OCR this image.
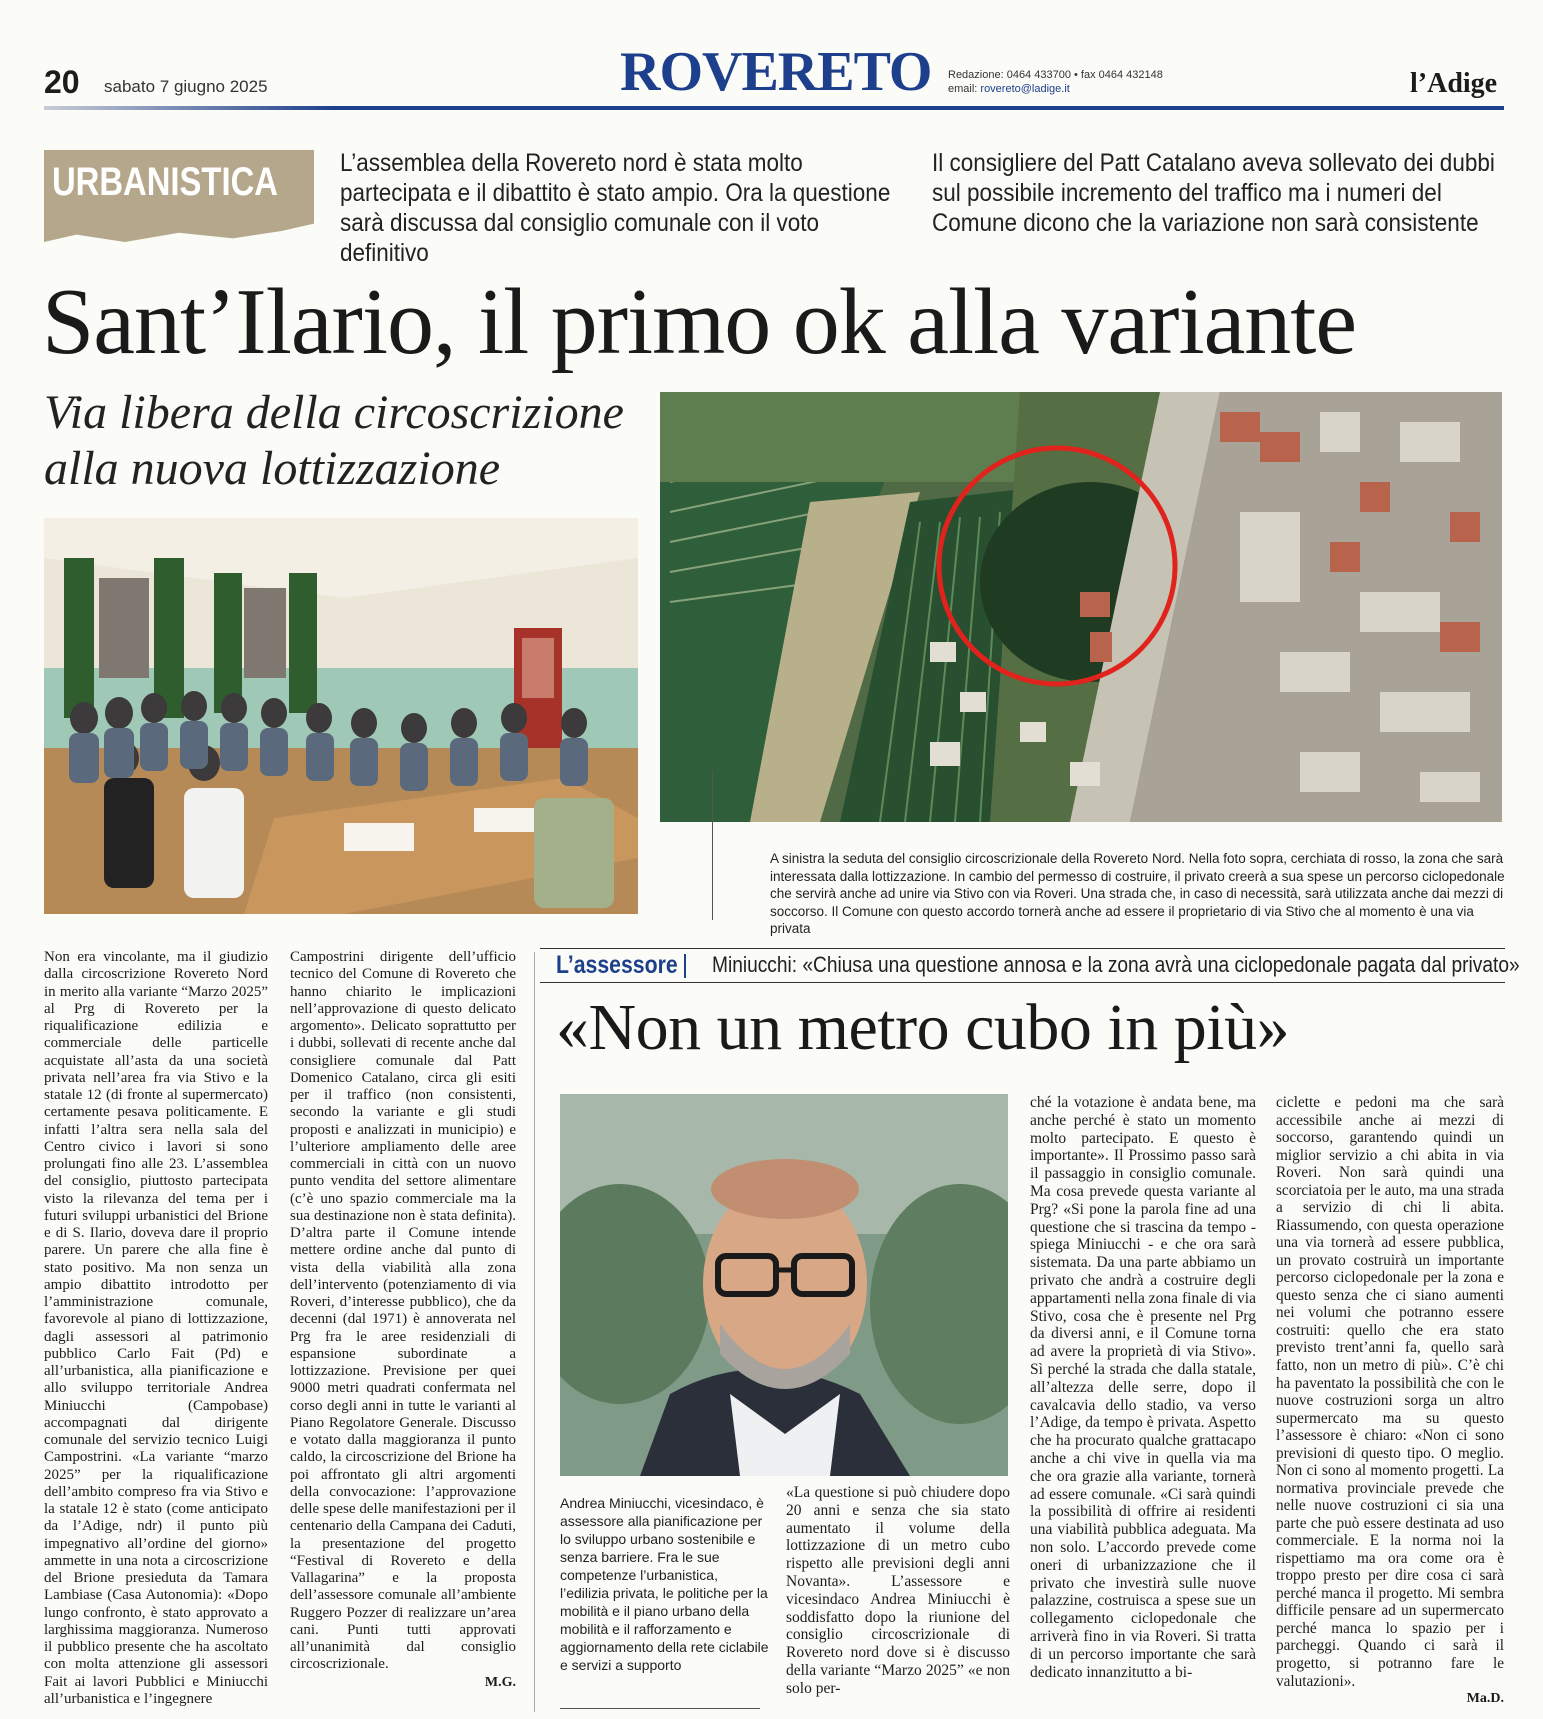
20 sabato 7 giugno 2025	ROVERETO Redazione: 0464 433700 • fax 0464 432148
email: rovereto@ladige.it	l’Adige
URBANISTICA L’assemblea della Rovereto nord è stata molto partecipata e il dibattito è stato ampio. Ora la questione sarà discussa dal consiglio comunale con il voto definitivo
Il consigliere del Patt Catalano aveva sollevato dei dubbi sul possibile incremento del traffico ma i numeri del Comune dicono che la variazione non sarà consistente
Sant’Ilario, il primo ok alla variante
Via libera della circoscrizione alla nuova lottizzazione
A sinistra la seduta del consiglio circoscrizionale della Rovereto Nord. Nella foto sopra, cerchiata di rosso, la zona che sarà interessata dalla lottizzazione. In cambio del permesso di costruire, il privato creerà a sua spese un percorso ciclopedonale che servirà anche ad unire via Stivo con via Roveri. Una strada che, in caso di necessità, sarà utilizzata anche dai mezzi di soccorso. Il Comune con questo accordo tornerà anche ad essere il proprietario di via Stivo che al momento è una via privata

Non era vincolante, ma il giudizio dalla circoscrizione Rovereto Nord in merito alla variante “Marzo 2025” al Prg di Rovereto per la riqualificazione edilizia e commerciale delle particelle acquistate all’asta da una società privata nell’area fra via Stivo e la statale 12 (di fronte al supermercato) certamente pesava politicamente. E infatti l’altra sera nella sala del Centro civico i lavori si sono prolungati fino alle 23. L’assemblea del consiglio, piuttosto partecipata visto la rilevanza del tema per i futuri sviluppi urbanistici del Brione e di S. Ilario, doveva dare il proprio parere. Un parere che alla fine è stato positivo. Ma non senza un ampio dibattito introdotto per l’amministrazione comunale, favorevole al piano di lottizzazione, dagli assessori al patrimonio pubblico Carlo Fait (Pd) e all’urbanistica, alla pianificazione e allo sviluppo territoriale Andrea Miniucchi (Campobase) accompagnati dal dirigente comunale del servizio tecnico Luigi Campostrini. «La variante “marzo 2025” per la riqualificazione dell’ambito compreso fra via Stivo e la statale 12 è stato (come anticipato da l’Adige, ndr) il punto più impegnativo all’ordine del giorno» ammette in una nota a circoscrizione del Brione presieduta da Tamara Lambiase (Casa Autonomia): «Dopo lungo confronto, è stato approvato a larghissima maggioranza. Numeroso il pubblico presente che ha ascoltato con molta attenzione gli assessori Fait ai lavori Pubblici e Miniucchi all’urbanistica e l’ingegnere

Campostrini dirigente dell’ufficio tecnico del Comune di Rovereto che hanno chiarito le implicazioni nell’approvazione di questo delicato argomento». Delicato soprattutto per i dubbi, sollevati di recente anche dal consigliere comunale dal Patt Domenico Catalano, circa gli esiti per il traffico (non consistenti, secondo la variante e gli studi proposti e analizzati in municipio) e l’ulteriore ampliamento delle aree commerciali in città con un nuovo punto vendita del settore alimentare (c’è uno spazio commerciale ma la sua destinazione non è stata definita). D’altra parte il Comune intende mettere ordine anche dal punto di vista della viabilità alla zona dell’intervento (potenziamento di via Roveri, d’interesse pubblico), che da decenni (dal 1971) è annoverata nel Prg fra le aree residenziali di espansione subordinate a lottizzazione. Previsione per quei 9000 metri quadrati confermata nel corso degli anni in tutte le varianti al Piano Regolatore Generale. Discusso e votato dalla maggioranza il punto caldo, la circoscrizione del Brione ha poi affrontato gli altri argomenti della convocazione: l’approvazione delle spese delle manifestazioni per il centenario della Campana dei Caduti, la presentazione del progetto “Festival di Rovereto e della Vallagarina” e la proposta dell’assessore comunale all’ambiente Ruggero Pozzer di realizzare un’area cani. Punti tutti approvati all’unanimità dal consiglio circoscrizionale.

M.G.
L’assessore Miniucchi: «Chiusa una questione annosa e la zona avrà una ciclopedonale pagata dal privato»
«Non un metro cubo in più»
Andrea Miniucchi, vicesindaco, è assessore alla pianificazione per lo sviluppo urbano sostenibile e senza barriere. Fra le sue competenze l’urbanistica, l’edilizia privata, le politiche per la mobilità e il piano urbano della mobilità e il rafforzamento e aggiornamento della rete ciclabile e servizi a supporto

«La questione si può chiudere dopo 20 anni e senza che sia stato aumentato il volume della lottizzazione di un metro cubo rispetto alle previsioni degli anni Novanta». L’assessore e vicesindaco Andrea Miniucchi è soddisfatto dopo la riunione del consiglio circoscrizionale di Rovereto nord dove si è discusso della variante “Marzo 2025” «e non solo per-

ché la votazione è andata bene, ma anche perché è stato un momento molto partecipato. E questo è importante». Il Prossimo passo sarà il passaggio in consiglio comunale. Ma cosa prevede questa variante al Prg? «Si pone la parola fine ad una questione che si trascina da tempo - spiega Miniucchi - e che ora sarà sistemata. Da una parte abbiamo un privato che andrà a costruire degli appartamenti nella zona finale di via Stivo, cosa che è presente nel Prg da diversi anni, e il Comune torna ad avere la proprietà di via Stivo». Sì perché la strada che dalla statale, all’altezza delle serre, dopo il cavalcavia dello stadio, va verso l’Adige, da tempo è privata. Aspetto che ha procurato qualche grattacapo anche a chi vive in quella via ma che ora grazie alla variante, tornerà ad essere comunale. «Ci sarà quindi la possibilità di offrire ai residenti una viabilità pubblica adeguata. Ma non solo. L’accordo prevede come oneri di urbanizzazione che il privato che investirà sulle nuove palazzine, costruisca a spese sue un collegamento ciclopedonale che arriverà fino in via Roveri. Si tratta di un percorso importante che sarà dedicato innanzitutto a bi-

ciclette e pedoni ma che sarà accessibile anche ai mezzi di soccorso, garantendo quindi un miglior servizio a chi abita in via Roveri. Non sarà quindi una scorciatoia per le auto, ma una strada a servizio di chi li abita. Riassumendo, con questa operazione una via tornerà ad essere pubblica, un provato costruirà un importante percorso ciclopedonale per la zona e questo senza che ci siano aumenti nei volumi che potranno essere costruiti: quello che era stato previsto trent’anni fa, quello sarà fatto, non un metro di più». C’è chi ha paventato la possibilità che con le nuove costruzioni sorga un altro supermercato ma su questo l’assessore è chiaro: «Non ci sono previsioni di questo tipo. O meglio. Non ci sono al momento progetti. La normativa provinciale prevede che nelle nuove costruzioni ci sia una parte che può essere destinata ad uso commerciale. E la norma noi la rispettiamo ma ora come ora è troppo presto per dire cosa ci sarà perché manca il progetto. Mi sembra difficile pensare ad un supermercato perché manca lo spazio per i parcheggi. Quando ci sarà il progetto, si potranno fare le valutazioni».

Ma.D.
